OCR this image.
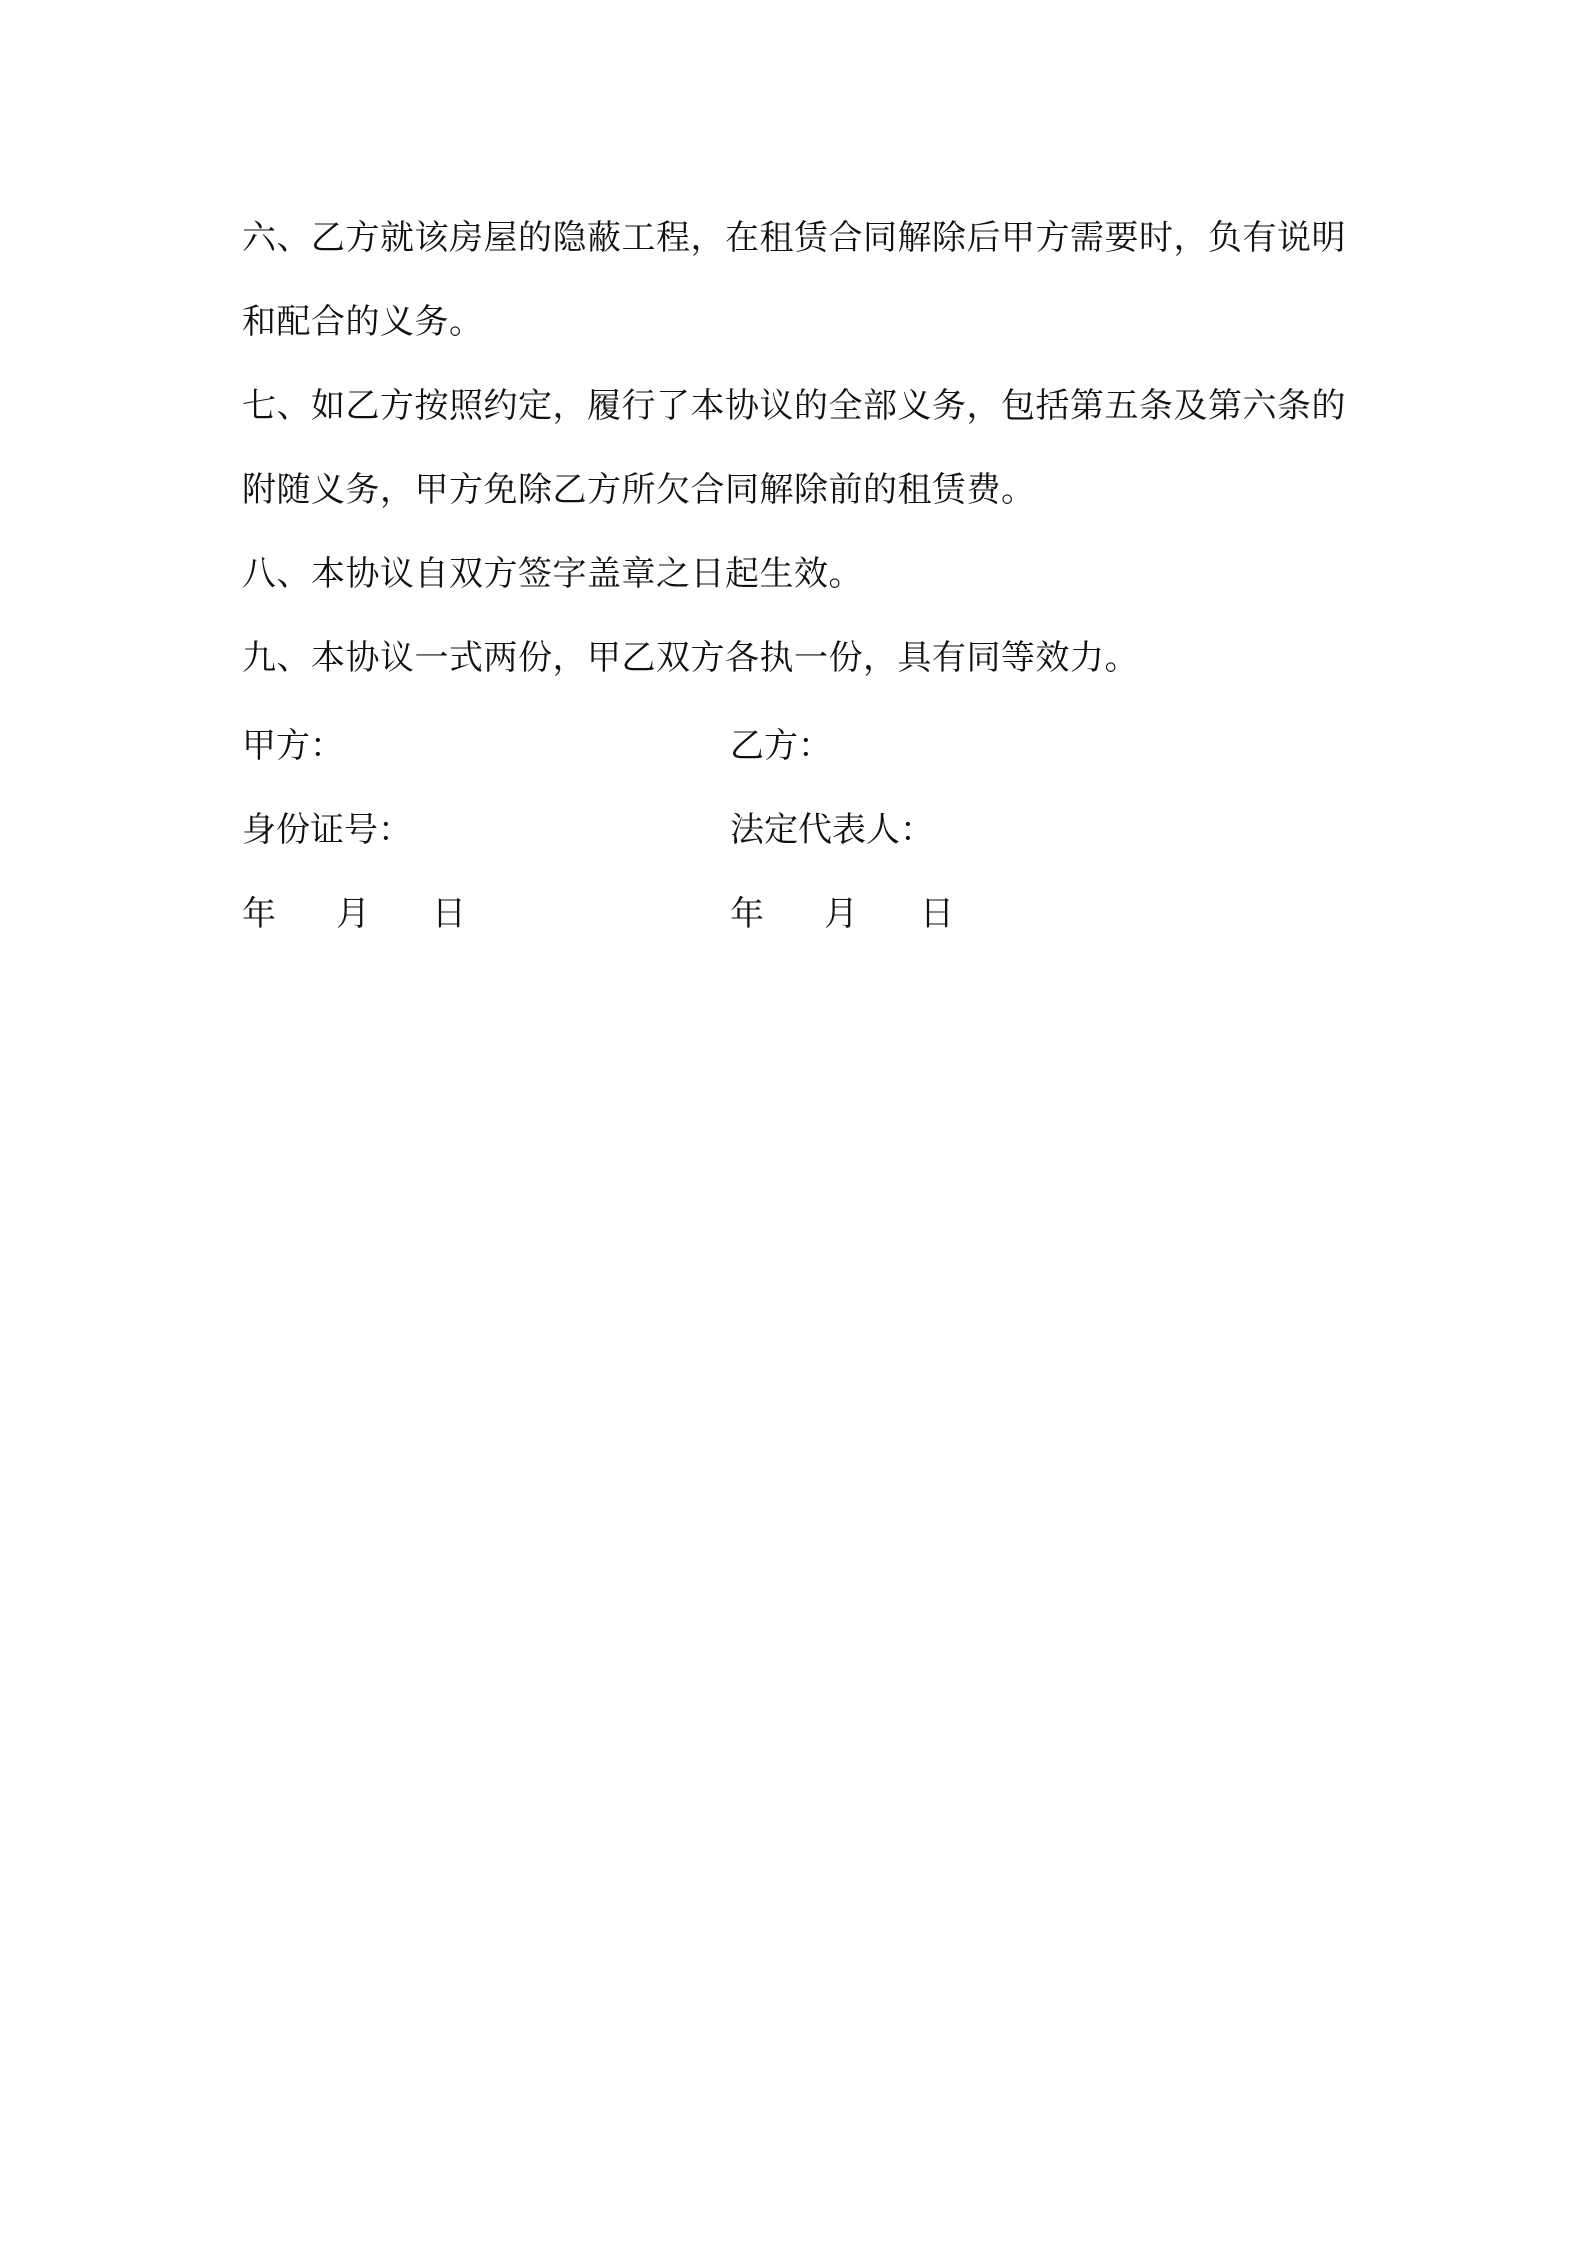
六、乙方就该房屋的隐蔽工程，在租赁合同解除后甲方需要时，负有说明和配合的义务。

七、如乙方按照约定，履行了本协议的全部义务，包括第五条及第六条的附随义务，甲方免除乙方所欠合同解除前的租赁费。

八、本协议自双方签字盖章之日起生效。

九、本协议一式两份，甲乙双方各执一份，具有同等效力。

甲方：	乙方：
身份证号：	法定代表人：
年	月	日	年	月	日
